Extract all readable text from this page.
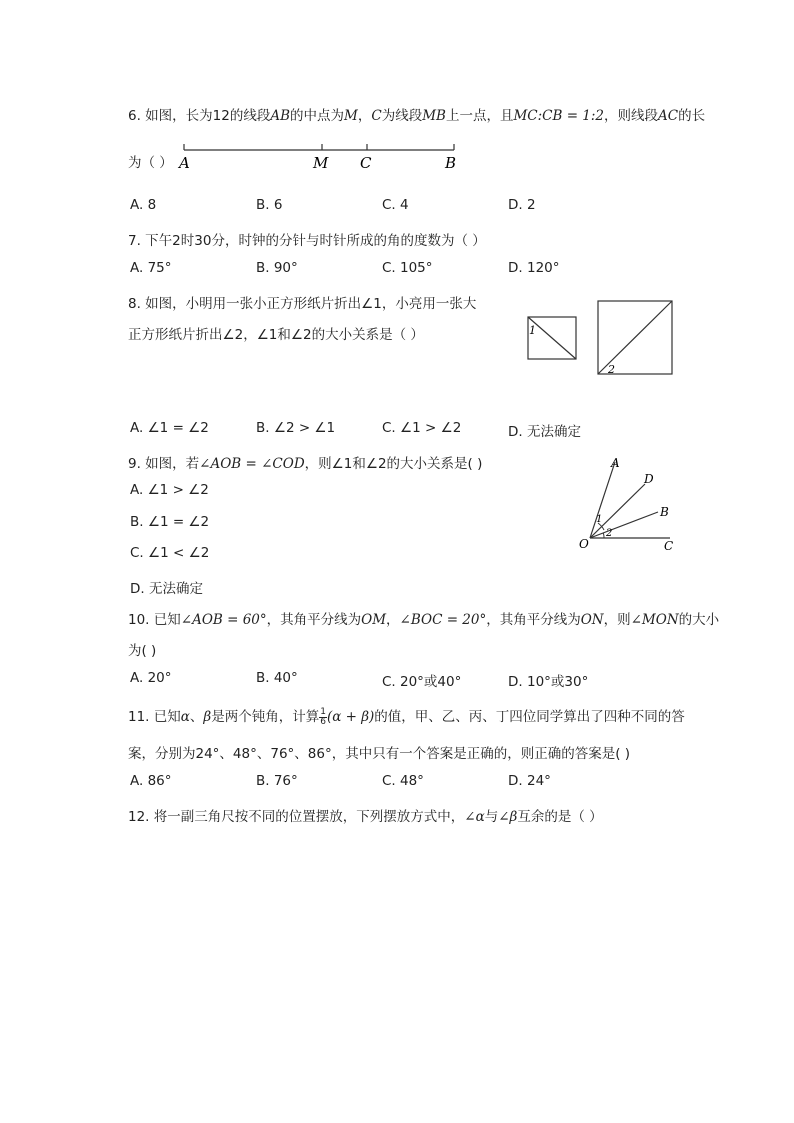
6. 如图，长为12的线段AB的中点为M，C为线段MB上一点，且MC:CB = 1:2，则线段AC的长
为（ ） A	M C	B
A. 8	B. 6	C. 4	D. 2
7. 下午2时30分，时钟的分针与时针所成的角的度数为（ ）
A. 75°	B. 90°	C. 105°	D. 120°
8. 如图，小明用一张小正方形纸片折出∠1，小亮用一张大
正方形纸片折出∠2，∠1和∠2的大小关系是（ ）	1
2
A. ∠1 = ∠2	B. ∠2 > ∠1	C. ∠1 > ∠2	D. 无法确定
9. 如图，若∠AOB = ∠COD，则∠1和∠2的大小关系是( )
A. ∠1 > ∠2
B. ∠1 = ∠2
C. ∠1 < ∠2
D. 无法确定
A
D
B
C
O
1
2
10. 已知∠AOB = 60°，其角平分线为OM，∠BOC = 20°，其角平分线为ON，则∠MON的大小
为( )
A. 20°	B. 40°	C. 20°或40°	D. 10°或30°
11. 已知α、β是两个钝角，计算 $\frac{1}{6} (\alpha + \beta)$的值，甲、乙、丙、丁四位同学算出了四种不同的答
案，分别为24°、48°、76°、86°，其中只有一个答案是正确的，则正确的答案是( )
A. 86°	B. 76°	C. 48°	D. 24°
12. 将一副三角尺按不同的位置摆放，下列摆放方式中，∠α与∠β互余的是（ ）
